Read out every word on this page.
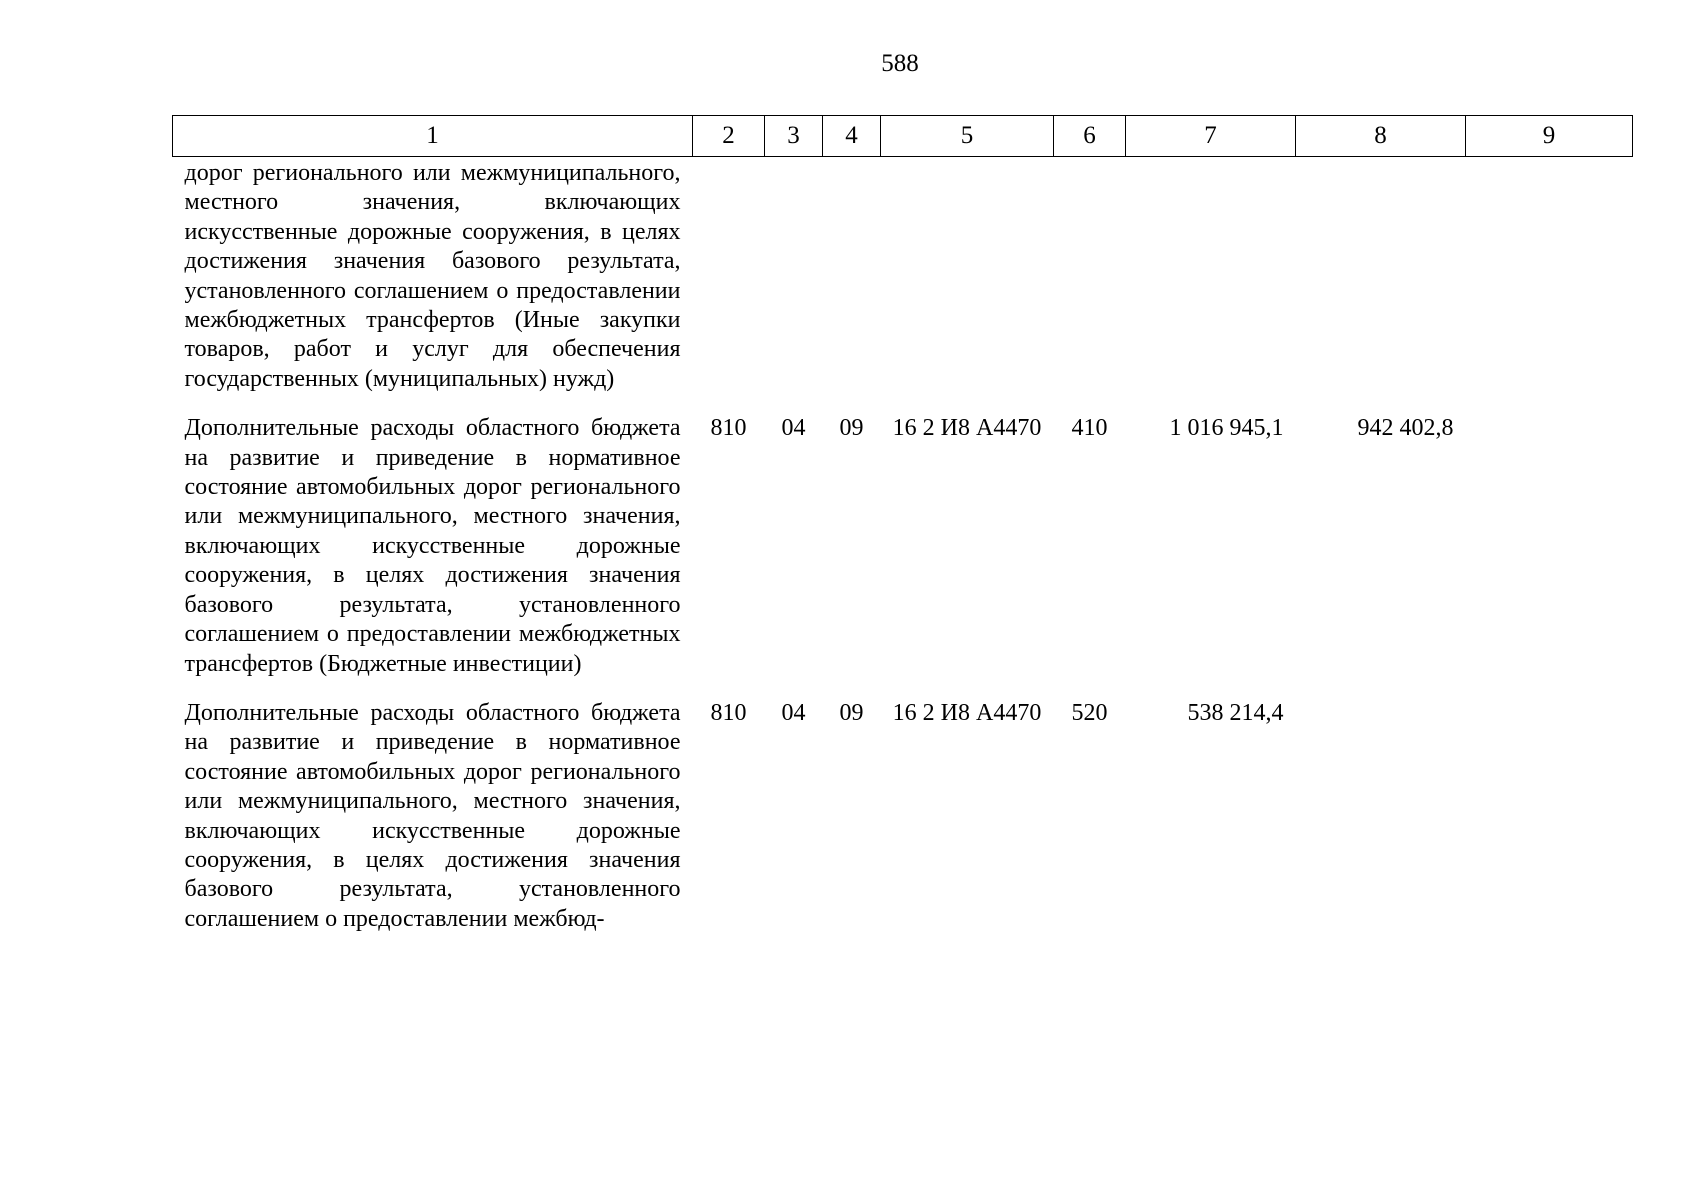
588
1	2	3	4	5	6	7	8	9
дорог регионального или межмуниципального, местного значения, включающих искусственные дорожные сооружения, в целях достижения значения базового результата, установленного соглашением о предоставлении межбюджетных трансфертов (Иные закупки товаров, работ и услуг для обеспечения государственных (муниципальных) нужд)								
Дополнительные расходы областного бюджета на развитие и приведение в нормативное состояние автомобильных дорог регионального или межмуниципального, местного значения, включающих искусственные дорожные сооружения, в целях достижения значения базового результата, установленного соглашением о предоставлении межбюджетных трансфертов (Бюджетные инвестиции)	810	04	09	16 2 И8 А4470	410	1 016 945,1	942 402,8	
Дополнительные расходы областного бюджета на развитие и приведение в нормативное состояние автомобильных дорог регионального или межмуниципального, местного значения, включающих искусственные дорожные сооружения, в целях достижения значения базового результата, установленного соглашением о предоставлении межбюд-	810	04	09	16 2 И8 А4470	520	538 214,4		
